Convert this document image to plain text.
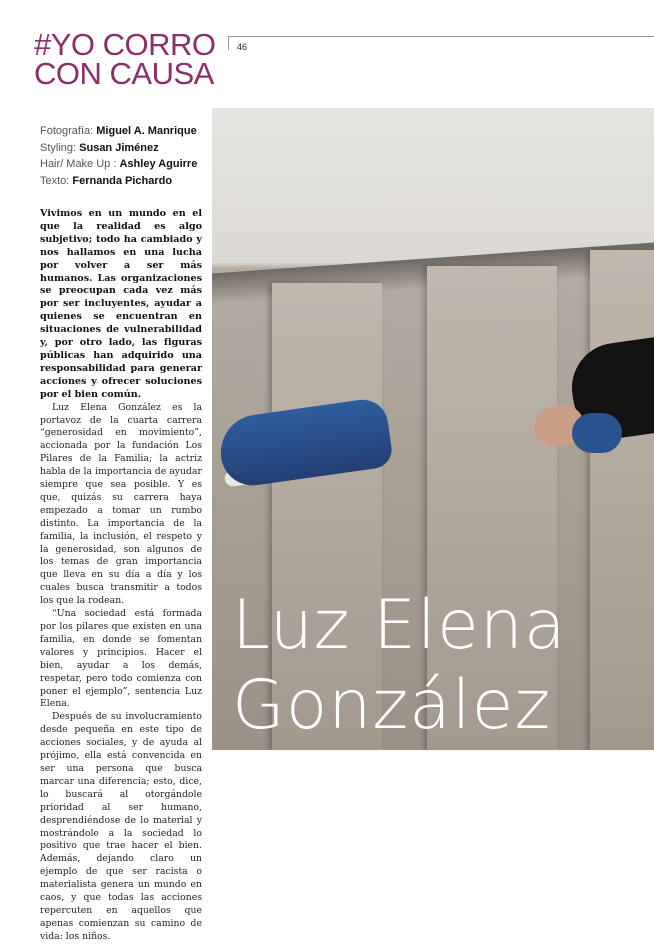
#YO CORRO
CON CAUSA
46
Fotografía: Miguel A. Manrique
Styling: Susan Jiménez
Hair/ Make Up : Ashley Aguirre
Texto: Fernanda Pichardo

Vivimos en un mundo en el que la realidad es algo subjetivo; todo ha cambiado y nos hallamos en una lucha por volver a ser más humanos. Las organizaciones se preocupan cada vez más por ser incluyentes, ayudar a quienes se encuentran en situaciones de vulnerabilidad y, por otro lado, las figuras públicas han adquirido una responsabilidad para generar acciones y ofrecer soluciones por el bien común.

Luz Elena González es la portavoz de la cuarta carrera “generosidad en movimiento”, accionada por la fundación Los Pilares de la Familia; la actriz habla de la importancia de ayudar siempre que sea posible. Y es que, quizás su carrera haya empezado a tomar un rumbo distinto. La importancia de la familia, la inclusión, el respeto y la generosidad, son algunos de los temas de gran importancia que lleva en su día a día y los cuales busca transmitir a todos los que la rodean.

“Una sociedad está formada por los pilares que existen en una familia, en donde se fomentan valores y principios. Hacer el bien, ayudar a los demás, respetar, pero todo comienza con poner el ejemplo”, sentencia Luz Elena.

Después de su involucramiento desde pequeña en este tipo de acciones sociales, y de ayuda al prójimo, ella está convencida en ser una persona que busca marcar una diferencia; esto, dice, lo buscará al otorgándole prioridad al ser humano, desprendiéndose de lo material y mostrándole a la sociedad lo positivo que trae hacer el bien. Además, dejando claro un ejemplo de que ser racista o materialista genera un mundo en caos, y que todas las acciones repercuten en aquellos que apenas comienzan su camino de vida: los niños.

Luz Elena
González
